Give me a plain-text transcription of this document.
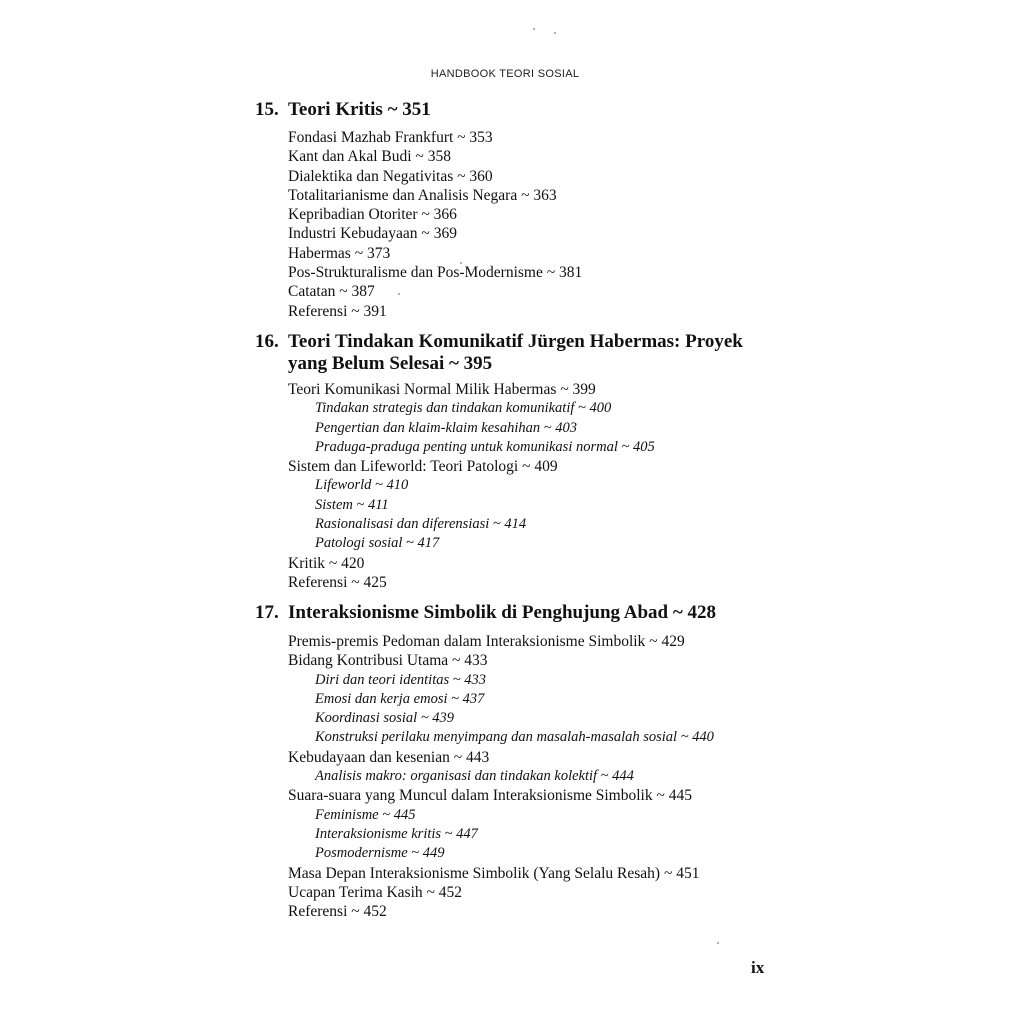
HANDBOOK TEORI SOSIAL
15. Teori Kritis ~ 351
Fondasi Mazhab Frankfurt ~ 353
Kant dan Akal Budi ~ 358
Dialektika dan Negativitas ~ 360
Totalitarianisme dan Analisis Negara ~ 363
Kepribadian Otoriter ~ 366
Industri Kebudayaan ~ 369
Habermas ~ 373
Pos-Strukturalisme dan Pos-Modernisme ~ 381
Catatan ~ 387
Referensi ~ 391
16. Teori Tindakan Komunikatif Jürgen Habermas: Proyek yang Belum Selesai ~ 395
Teori Komunikasi Normal Milik Habermas ~ 399
Tindakan strategis dan tindakan komunikatif ~ 400
Pengertian dan klaim-klaim kesahihan ~ 403
Praduga-praduga penting untuk komunikasi normal ~ 405
Sistem dan Lifeworld: Teori Patologi ~ 409
Lifeworld ~ 410
Sistem ~ 411
Rasionalisasi dan diferensiasi ~ 414
Patologi sosial ~ 417
Kritik ~ 420
Referensi ~ 425
17. Interaksionisme Simbolik di Penghujung Abad ~ 428
Premis-premis Pedoman dalam Interaksionisme Simbolik ~ 429
Bidang Kontribusi Utama ~ 433
Diri dan teori identitas ~ 433
Emosi dan kerja emosi ~ 437
Koordinasi sosial ~ 439
Konstruksi perilaku menyimpang dan masalah-masalah sosial ~ 440
Kebudayaan dan kesenian ~ 443
Analisis makro: organisasi dan tindakan kolektif ~ 444
Suara-suara yang Muncul dalam Interaksionisme Simbolik ~ 445
Feminisme ~ 445
Interaksionisme kritis ~ 447
Posmodernisme ~ 449
Masa Depan Interaksionisme Simbolik (Yang Selalu Resah) ~ 451
Ucapan Terima Kasih ~ 452
Referensi ~ 452
ix
